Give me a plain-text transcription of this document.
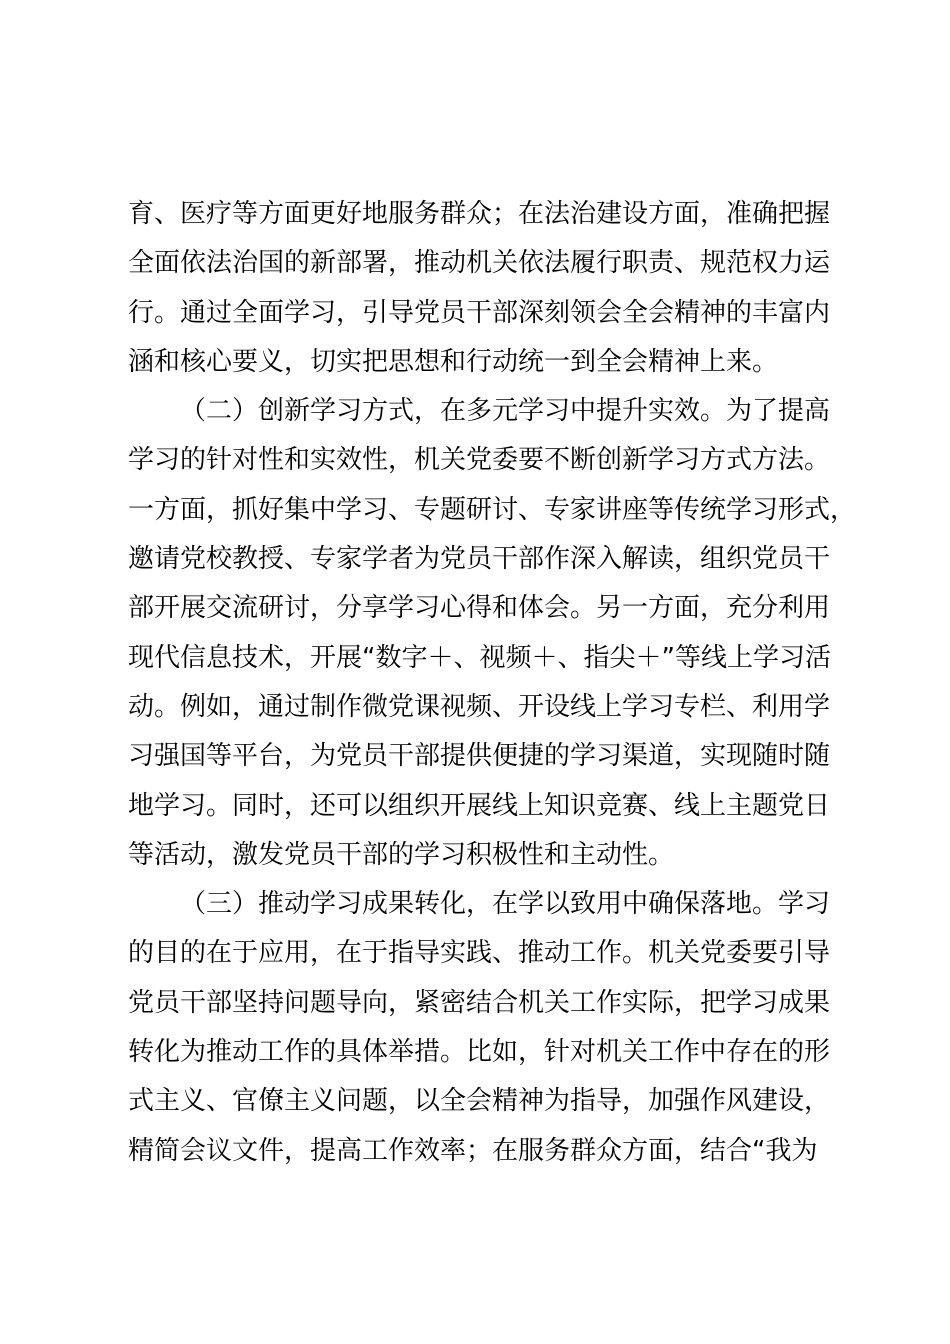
育、医疗等方面更好地服务群众；在法治建设方面，准确把握
全面依法治国的新部署，推动机关依法履行职责、规范权力运
行。通过全面学习，引导党员干部深刻领会全会精神的丰富内
涵和核心要义，切实把思想和行动统一到全会精神上来。
（二）创新学习方式，在多元学习中提升实效。为了提高
学习的针对性和实效性，机关党委要不断创新学习方式方法。
一方面，抓好集中学习、专题研讨、专家讲座等传统学习形式，
邀请党校教授、专家学者为党员干部作深入解读，组织党员干
部开展交流研讨，分享学习心得和体会。另一方面，充分利用
现代信息技术，开展“数字＋、视频＋、指尖＋”等线上学习活
动。例如，通过制作微党课视频、开设线上学习专栏、利用学
习强国等平台，为党员干部提供便捷的学习渠道，实现随时随
地学习。同时，还可以组织开展线上知识竞赛、线上主题党日
等活动，激发党员干部的学习积极性和主动性。
（三）推动学习成果转化，在学以致用中确保落地。学习
的目的在于应用，在于指导实践、推动工作。机关党委要引导
党员干部坚持问题导向，紧密结合机关工作实际，把学习成果
转化为推动工作的具体举措。比如，针对机关工作中存在的形
式主义、官僚主义问题，以全会精神为指导，加强作风建设，
精简会议文件，提高工作效率；在服务群众方面，结合“我为
